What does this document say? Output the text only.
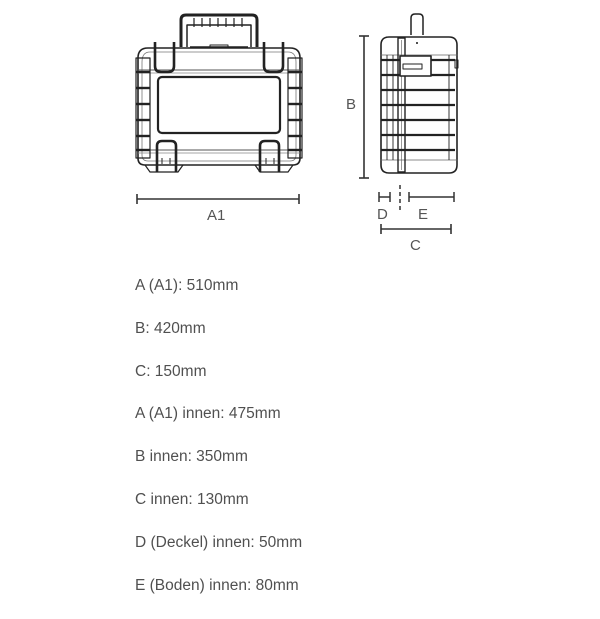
A1
B
D E
C
A (A1): 510mm
B: 420mm
C: 150mm
A (A1) innen: 475mm
B innen: 350mm
C innen: 130mm
D (Deckel) innen: 50mm
E (Boden) innen: 80mm
